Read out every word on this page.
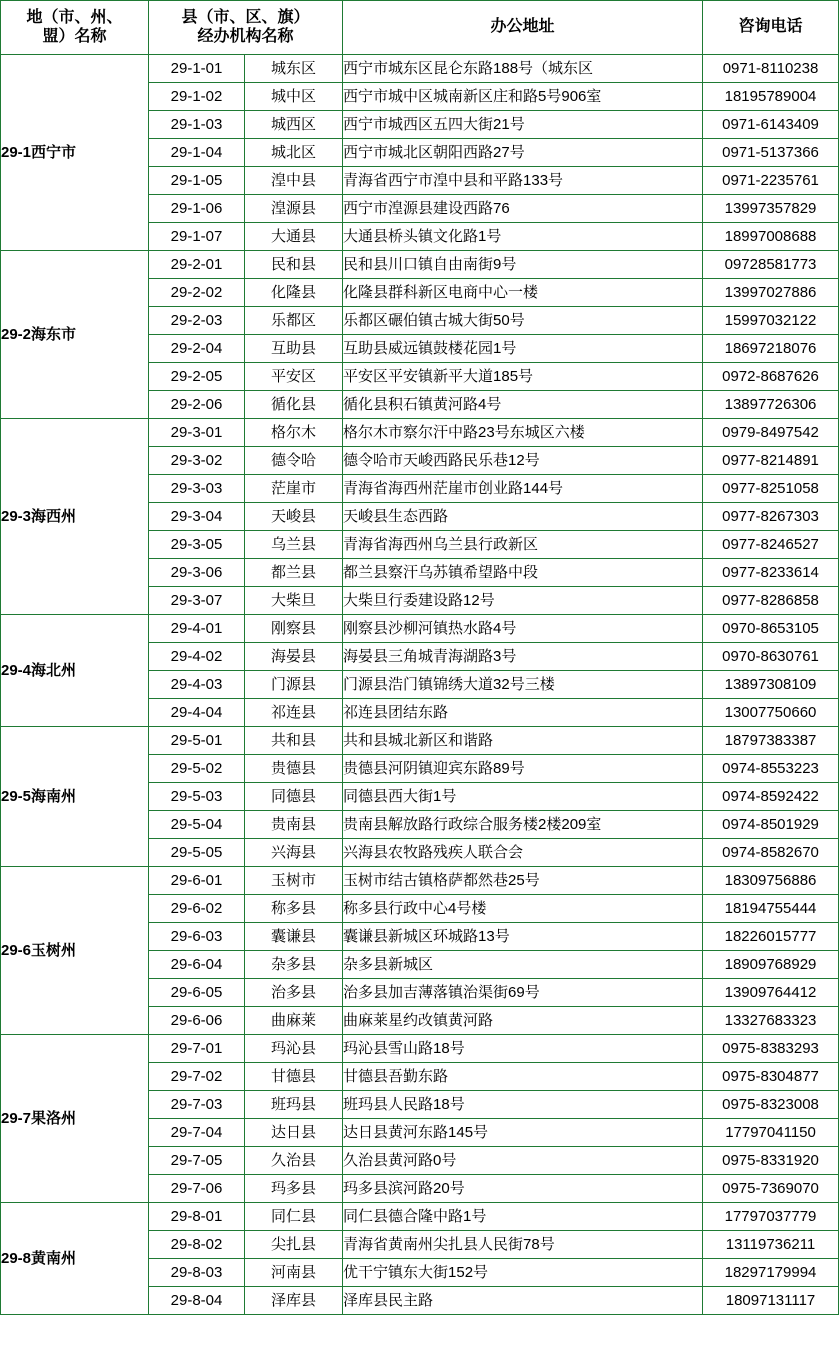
地（市、州、
盟）名称	县（市、区、旗）
经办机构名称		办公地址	咨询电话
29-1西宁市	29-1-01	城东区	西宁市城东区昆仑东路188号（城东区	0971-8110238
	29-1-02	城中区	西宁市城中区城南新区庄和路5号906室	18195789004
	29-1-03	城西区	西宁市城西区五四大街21号	0971-6143409
	29-1-04	城北区	西宁市城北区朝阳西路27号	0971-5137366
	29-1-05	湟中县	青海省西宁市湟中县和平路133号	0971-2235761
	29-1-06	湟源县	西宁市湟源县建设西路76	13997357829
	29-1-07	大通县	大通县桥头镇文化路1号	18997008688
29-2海东市	29-2-01	民和县	民和县川口镇自由南街9号	09728581773
	29-2-02	化隆县	化隆县群科新区电商中心一楼	13997027886
	29-2-03	乐都区	乐都区碾伯镇古城大街50号	15997032122
	29-2-04	互助县	互助县威远镇鼓楼花园1号	18697218076
	29-2-05	平安区	平安区平安镇新平大道185号	0972-8687626
	29-2-06	循化县	循化县积石镇黄河路4号	13897726306
29-3海西州	29-3-01	格尔木	格尔木市察尔汗中路23号东城区六楼	0979-8497542
	29-3-02	德令哈	德令哈市天峻西路民乐巷12号	0977-8214891
	29-3-03	茫崖市	青海省海西州茫崖市创业路144号	0977-8251058
	29-3-04	天峻县	天峻县生态西路	0977-8267303
	29-3-05	乌兰县	青海省海西州乌兰县行政新区	0977-8246527
	29-3-06	都兰县	都兰县察汗乌苏镇希望路中段	0977-8233614
	29-3-07	大柴旦	大柴旦行委建设路12号	0977-8286858
29-4海北州	29-4-01	刚察县	刚察县沙柳河镇热水路4号	0970-8653105
	29-4-02	海晏县	海晏县三角城青海湖路3号	0970-8630761
	29-4-03	门源县	门源县浩门镇锦绣大道32号三楼	13897308109
	29-4-04	祁连县	祁连县团结东路	13007750660
29-5海南州	29-5-01	共和县	共和县城北新区和谐路	18797383387
	29-5-02	贵德县	贵德县河阴镇迎宾东路89号	0974-8553223
	29-5-03	同德县	同德县西大街1号	0974-8592422
	29-5-04	贵南县	贵南县解放路行政综合服务楼2楼209室	0974-8501929
	29-5-05	兴海县	兴海县农牧路残疾人联合会	0974-8582670
29-6玉树州	29-6-01	玉树市	玉树市结古镇格萨都然巷25号	18309756886
	29-6-02	称多县	称多县行政中心4号楼	18194755444
	29-6-03	囊谦县	囊谦县新城区环城路13号	18226015777
	29-6-04	杂多县	杂多县新城区	18909768929
	29-6-05	治多县	治多县加吉薄落镇治渠街69号	13909764412
	29-6-06	曲麻莱	曲麻莱星约改镇黄河路	13327683323
29-7果洛州	29-7-01	玛沁县	玛沁县雪山路18号	0975-8383293
	29-7-02	甘德县	甘德县吾勤东路	0975-8304877
	29-7-03	班玛县	班玛县人民路18号	0975-8323008
	29-7-04	达日县	达日县黄河东路145号	17797041150
	29-7-05	久治县	久治县黄河路0号	0975-8331920
	29-7-06	玛多县	玛多县滨河路20号	0975-7369070
29-8黄南州	29-8-01	同仁县	同仁县德合隆中路1号	17797037779
	29-8-02	尖扎县	青海省黄南州尖扎县人民街78号	13119736211
	29-8-03	河南县	优干宁镇东大街152号	18297179994
	29-8-04	泽库县	泽库县民主路	18097131117
